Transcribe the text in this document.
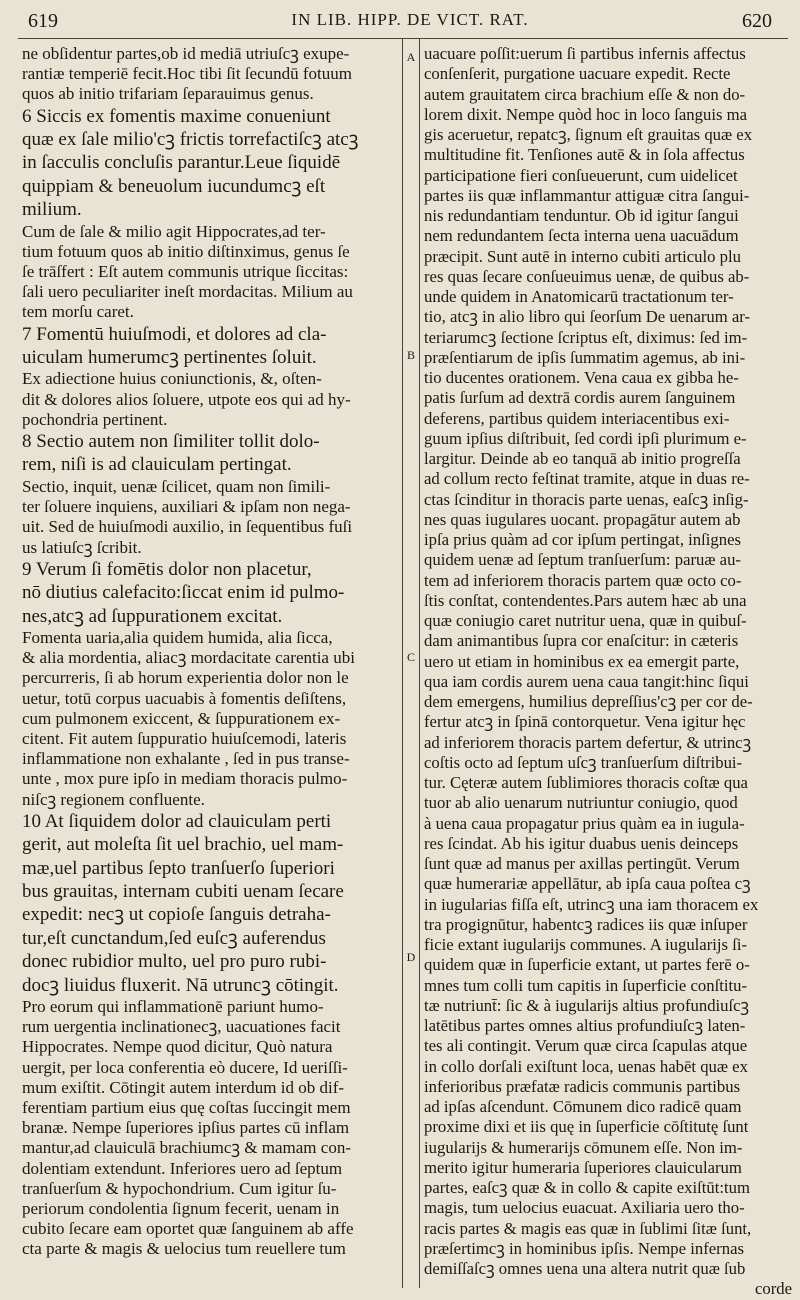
619	IN LIB. HIPP. DE VICT. RAT.	620
A
B
C
D
ne obſidentur partes,ob id mediā utriuſcꝫ exupe-
rantiæ temperiē fecit.Hoc tibi ſit ſecundū fotuum
quos ab initio trifariam ſeparauimus genus.
6 Siccis ex fomentis maxime conueniunt
quæ ex ſale milio'cꝫ frictis torrefactiſcꝫ atcꝫ
in ſacculis concluſis parantur.Leue ſiquidē
quippiam & beneuolum iucundumcꝫ eſt
milium.
Cum de ſale & milio agit Hippocrates,ad ter-
tium fotuum quos ab initio diſtinximus, genus ſe
ſe trāſfert : Eſt autem communis utrique ſiccitas:
ſali uero peculiariter ineſt mordacitas. Milium au
tem morſu caret.
7 Fomentū huiuſmodi, et dolores ad cla-
uiculam humerumcꝫ pertinentes ſoluit.
Ex adiectione huius coniunctionis, &, oſten-
dit & dolores alios ſoluere, utpote eos qui ad hy-
pochondria pertinent.
8 Sectio autem non ſimiliter tollit dolo-
rem, niſi is ad clauiculam pertingat.
Sectio, inquit, uenæ ſcilicet, quam non ſimili-
ter ſoluere inquiens, auxiliari & ipſam non nega-
uit. Sed de huiuſmodi auxilio, in ſequentibus fuſi
us latiuſcꝫ ſcribit.
9 Verum ſi fomētis dolor non placetur,
nō diutius calefacito:ſiccat enim id pulmo-
nes,atcꝫ ad ſuppurationem excitat.
Fomenta uaria,alia quidem humida, alia ſicca,
& alia mordentia, aliacꝫ mordacitate carentia ubi
percurreris, ſi ab horum experientia dolor non le
uetur, totū corpus uacuabis à fomentis deſiſtens,
cum pulmonem exiccent, & ſuppurationem ex-
citent. Fit autem ſuppuratio huiuſcemodi, lateris
inflammatione non exhalante , ſed in pus transe-
unte , mox pure ipſo in mediam thoracis pulmo-
niſcꝫ regionem confluente.
10 At ſiquidem dolor ad clauiculam perti
gerit, aut moleſta ſit uel brachio, uel mam-
mæ,uel partibus ſepto tranſuerſo ſuperiori
bus grauitas, internam cubiti uenam ſecare
expedit: necꝫ ut copioſe ſanguis detraha-
tur,eſt cunctandum,ſed euſcꝫ auferendus
donec rubidior multo, uel pro puro rubi-
docꝫ liuidus fluxerit. Nā utruncꝫ cōtingit.
Pro eorum qui inflammationē pariunt humo-
rum uergentia inclinationecꝫ, uacuationes facit
Hippocrates. Nempe quod dicitur, Quò natura
uergit, per loca conferentia eò ducere, Id ueriſſi-
mum exiſtit. Cōtingit autem interdum id ob dif-
ferentiam partium eius quę coſtas ſuccingit mem
branæ. Nempe ſuperiores ipſius partes cū inflam
mantur,ad clauiculā brachiumcꝫ & mamam con-
dolentiam extendunt. Inferiores uero ad ſeptum
tranſuerſum & hypochondrium. Cum igitur ſu-
periorum condolentia ſignum fecerit, uenam in
cubito ſecare eam oportet quæ ſanguinem ab affe
cta parte & magis & uelocius tum reuellere tum
uacuare poſſit:uerum ſi partibus infernis affectus
conſenſerit, purgatione uacuare expedit. Recte
autem grauitatem circa brachium eſſe & non do-
lorem dixit. Nempe quòd hoc in loco ſanguis ma
gis aceruetur, repatcꝫ, ſignum eſt grauitas quæ ex
multitudine fit. Tenſiones autē & in ſola affectus
participatione fieri conſueuerunt, cum uidelicet
partes iis quæ inflammantur attiguæ citra ſangui-
nis redundantiam tenduntur. Ob id igitur ſangui
nem redundantem ſecta interna uena uacuādum
præcipit. Sunt autē in interno cubiti articulo plu
res quas ſecare conſueuimus uenæ, de quibus ab-
unde quidem in Anatomicarū tractationum ter-
tio, atcꝫ in alio libro qui ſeorſum De uenarum ar-
teriarumcꝫ ſectione ſcriptus eſt, diximus: ſed im-
præſentiarum de ipſis ſummatim agemus, ab ini-
tio ducentes orationem. Vena caua ex gibba he-
patis ſurſum ad dextrā cordis aurem ſanguinem
deferens, partibus quidem interiacentibus exi-
guum ipſius diſtribuit, ſed cordi ipſi plurimum e-
largitur. Deinde ab eo tanquā ab initio progreſſa
ad collum recto feſtinat tramite, atque in duas re-
ctas ſcinditur in thoracis parte uenas, eaſcꝫ inſig-
nes quas iugulares uocant. propagātur autem ab
ipſa prius quàm ad cor ipſum pertingat, inſignes
quidem uenæ ad ſeptum tranſuerſum: paruæ au-
tem ad inferiorem thoracis partem quæ octo co-
ſtis conſtat, contendentes.Pars autem hæc ab una
quæ coniugio caret nutritur uena, quæ in quibuſ-
dam animantibus ſupra cor enaſcitur: in cæteris
uero ut etiam in hominibus ex ea emergit parte,
qua iam cordis aurem uena caua tangit:hinc ſiqui
dem emergens, humilius depreſſius'cꝫ per cor de-
fertur atcꝫ in ſpinā contorquetur. Vena igitur hęc
ad inferiorem thoracis partem defertur, & utrincꝫ
coſtis octo ad ſeptum uſcꝫ tranſuerſum diſtribui-
tur. Cęteræ autem ſublimiores thoracis coſtæ qua
tuor ab alio uenarum nutriuntur coniugio, quod
à uena caua propagatur prius quàm ea in iugula-
res ſcindat. Ab his igitur duabus uenis deinceps
ſunt quæ ad manus per axillas pertingūt. Verum
quæ humerariæ appellātur, ab ipſa caua poſtea cꝫ
in iugularias fiſſa eſt, utrincꝫ una iam thoracem ex
tra progignūtur, habentcꝫ radices iis quæ inſuper
ficie extant iugularijs communes. A iugularijs ſi-
quidem quæ in ſuperficie extant, ut partes ferē o-
mnes tum colli tum capitis in ſuperficie conſtitu-
tæ nutriunt̄: ſic & à iugularijs altius profundiuſcꝫ
latētibus partes omnes altius profundiuſcꝫ laten-
tes ali contingit. Verum quæ circa ſcapulas atque
in collo dorſali exiſtunt loca, uenas habēt quæ ex
inferioribus præfatæ radicis communis partibus
ad ipſas aſcendunt. Cōmunem dico radicē quam
proxime dixi et iis quę in ſuperficie cōſtitutę ſunt
iugularijs & humerarijs cōmunem eſſe. Non im-
merito igitur humeraria ſuperiores clauicularum
partes, eaſcꝫ quæ & in collo & capite exiſtūt:tum
magis, tum uelocius euacuat. Axiliaria uero tho-
racis partes & magis eas quæ in ſublimi ſitæ ſunt,
præſertimcꝫ in hominibus ipſis. Nempe infernas
demiſſaſcꝫ omnes uena una altera nutrit quæ ſub
corde
